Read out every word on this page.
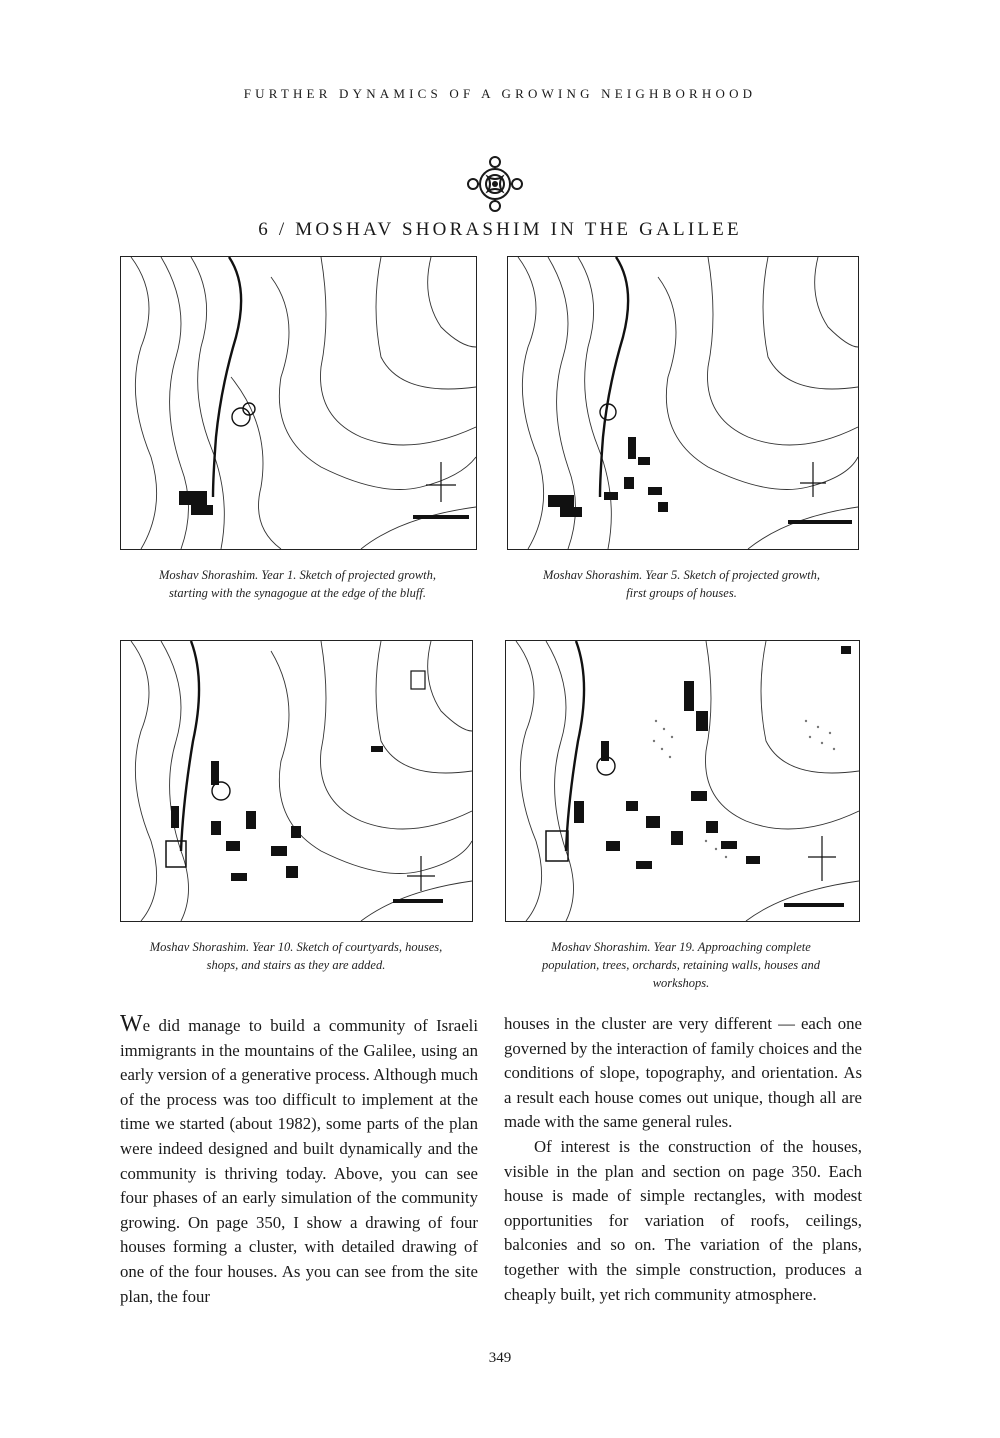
FURTHER DYNAMICS OF A GROWING NEIGHBORHOOD
6 / MOSHAV SHORASHIM IN THE GALILEE
Moshav Shorashim. Year 1. Sketch of projected growth,
starting with the synagogue at the edge of the bluff.
Moshav Shorashim. Year 5. Sketch of projected growth,
first groups of houses.
Moshav Shorashim. Year 10. Sketch of courtyards, houses,
shops, and stairs as they are added.
Moshav Shorashim. Year 19. Approaching complete
population, trees, orchards, retaining walls, houses and
workshops.

We did manage to build a community of Israeli immigrants in the mountains of the Galilee, using an early version of a generative process. Although much of the process was too difficult to implement at the time we started (about 1982), some parts of the plan were indeed designed and built dynamically and the community is thriving today. Above, you can see four phases of an early simulation of the community growing. On page 350, I show a drawing of four houses forming a cluster, with detailed drawing of one of the four houses. As you can see from the site plan, the four

houses in the cluster are very different — each one governed by the interaction of family choices and the conditions of slope, topography, and orientation. As a result each house comes out unique, though all are made with the same general rules.

Of interest is the construction of the houses, visible in the plan and section on page 350. Each house is made of simple rectangles, with modest opportunities for variation of roofs, ceilings, balconies and so on. The variation of the plans, together with the simple construction, produces a cheaply built, yet rich community atmosphere.

349
